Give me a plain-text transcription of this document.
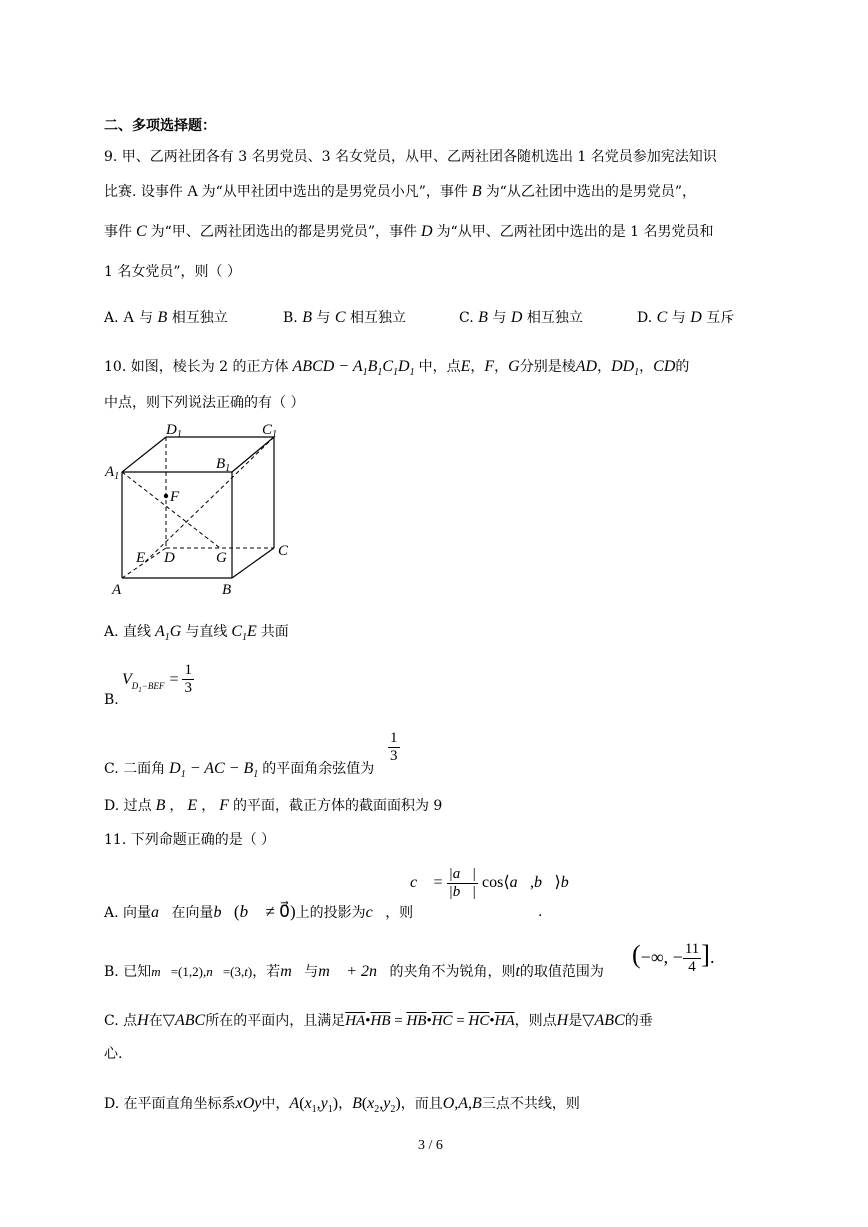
二、多项选择题：
9. 甲、乙两社团各有 3 名男党员、3 名女党员，从甲、乙两社团各随机选出 1 名党员参加宪法知识
比赛. 设事件 A 为“从甲社团中选出的是男党员小凡”，事件 B 为“从乙社团中选出的是男党员”，
事件 C 为“甲、乙两社团选出的都是男党员”，事件 D 为“从甲、乙两社团中选出的是 1 名男党员和
1 名女党员”，则（ ）
A. A 与 B 相互独立	B. B 与 C 相互独立	C. B 与 D 相互独立	D. C 与 D 互斥
10. 如图，棱长为 2 的正方体 ABCD − $A_1B_1C_1D_1$ 中，点E，F，G分别是棱AD，$DD_1$，CD的
中点，则下列说法正确的有（ ）
$D_1$	$C_1$
$A_1$
$B_1$
F
E D	G	C
A	B
A. 直线 $A_1G$ 与直线 $C_1E$ 共面
B.
$V_{D_1-BEF} = \frac{1}{3}$
C. 二面角 $D_1$ − AC − $B_1$ 的平面角余弦值为
$\frac{1}{3}$
D. 过点 B ， E ， F 的平面，截正方体的截面面积为 9
11. 下列命题正确的是（ ）
c⃗ = $\frac{|a⃗|}{|b⃗|}$ cos⟨a⃗,b⃗⟩b⃗
A. 向量a⃗在向量b⃗(b⃗ ≠ 0⃗)上的投影为c⃗，则	.
B. 已知m⃗=(1,2),n⃗=(3,t)，若m⃗与m⃗ + 2n⃗的夹角不为锐角，则t的取值范围为
(−∞, − $\frac{11}{4}$ ].
C. 点H在▽ABC所在的平面内，且满足$\overline{HA}•\overline{HB}$ = $\overline{HB}•\overline{HC}$ = $\overline{HC}•\overline{HA}$，则点H是▽ABC的垂
心.
D. 在平面直角坐标系xOy中，$A(x_1,y_1)$，$B(x_2,y_2)$，而且O,A,B三点不共线，则
3 / 6
